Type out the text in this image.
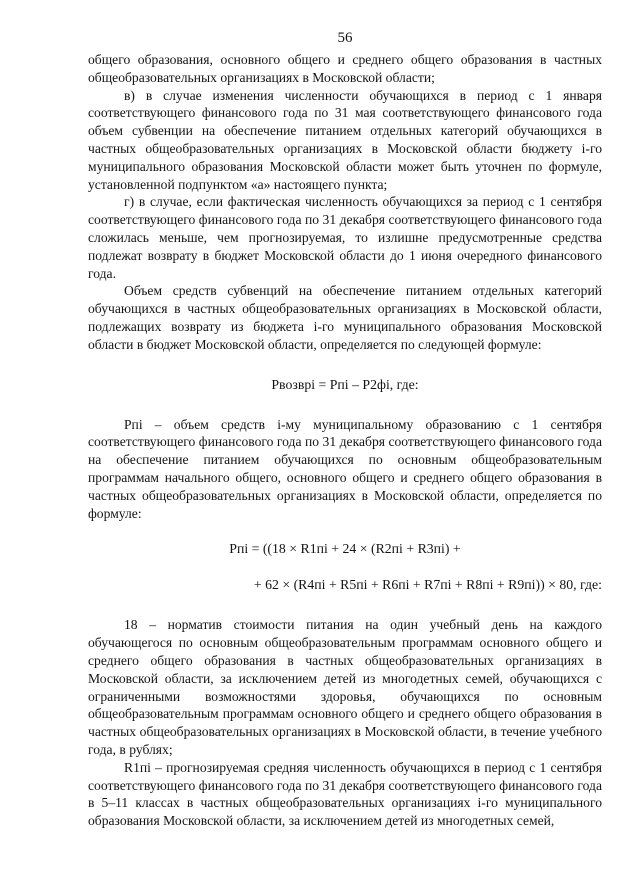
56

общего образования, основного общего и среднего общего образования в частных общеобразовательных организациях в Московской области;

в) в случае изменения численности обучающихся в период с 1 января соответствующего финансового года по 31 мая соответствующего финансового года объем субвенции на обеспечение питанием отдельных категорий обучающихся в частных общеобразовательных организациях в Московской области бюджету i-го муниципального образования Московской области может быть уточнен по формуле, установленной подпунктом «а» настоящего пункта;

г) в случае, если фактическая численность обучающихся за период с 1 сентября соответствующего финансового года по 31 декабря соответствующего финансового года сложилась меньше, чем прогнозируемая, то излишне предусмотренные средства подлежат возврату в бюджет Московской области до 1 июня очередного финансового года.

Объем средств субвенций на обеспечение питанием отдельных категорий обучающихся в частных общеобразовательных организациях в Московской области, подлежащих возврату из бюджета i-го муниципального образования Московской области в бюджет Московской области, определяется по следующей формуле:

Pвозврi = Pпi – P2фi, где:

Pпi – объем средств i-му муниципальному образованию с 1 сентября соответствующего финансового года по 31 декабря соответствующего финансового года на обеспечение питанием обучающихся по основным общеобразовательным программам начального общего, основного общего и среднего общего образования в частных общеобразовательных организациях в Московской области, определяется по формуле:

Pпi = ((18 × R1пi + 24 × (R2пi + R3пi) +

+ 62 × (R4пi + R5пi + R6пi + R7пi + R8пi + R9пi)) × 80, где:

18 – норматив стоимости питания на один учебный день на каждого обучающегося по основным общеобразовательным программам основного общего и среднего общего образования в частных общеобразовательных организациях в Московской области, за исключением детей из многодетных семей, обучающихся с ограниченными возможностями здоровья, обучающихся по основным общеобразовательным программам основного общего и среднего общего образования в частных общеобразовательных организациях в Московской области, в течение учебного года, в рублях;

R1пi – прогнозируемая средняя численность обучающихся в период с 1 сентября соответствующего финансового года по 31 декабря соответствующего финансового года в 5–11 классах в частных общеобразовательных организациях i-го муниципального образования Московской области, за исключением детей из многодетных семей,
